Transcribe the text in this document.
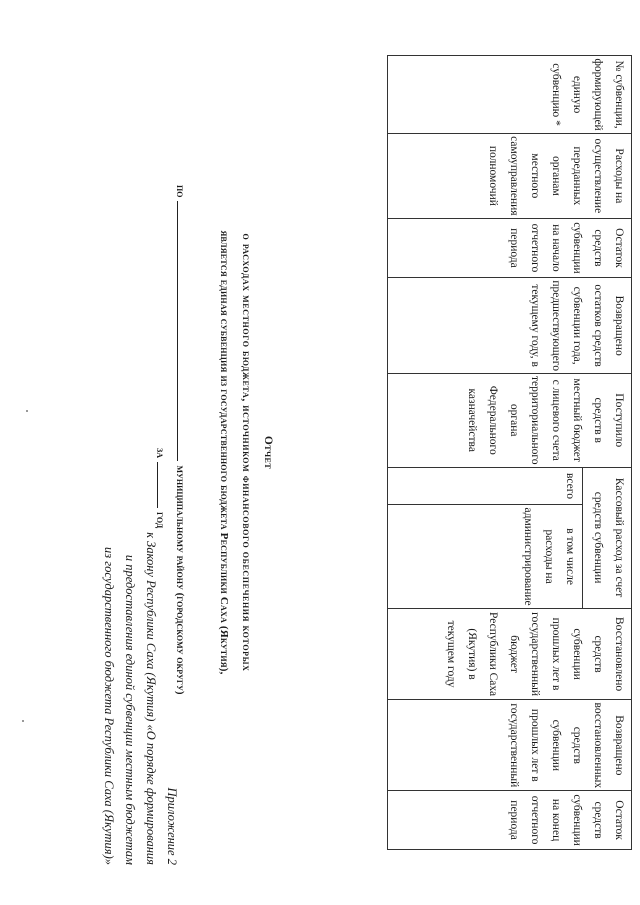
Приложение 2
к Закону Республики Саха (Якутия) «О порядке формирования
и предоставления единой субвенции местным бюджетам
из государственного бюджета Республики Саха (Якутия)»
Отчет
о расходах местного бюджета, источником финансового обеспечения которых
является единая субвенция из государственного бюджета Республики Саха (Якутия),
помуниципальному району (городскому округу)
загод
№ субвенции, формирующей единую субвенцию *	Расходы на осуществление переданных органам местного самоуправления полномочий	Остаток средств субвенции на начало отчетного периода	Возвращено остатков средств субвенции года, предшествующего текущему году, в	Поступило средств в местный бюджет с лицевого счета территориального органа Федерального казначейства	Кассовый расход за счет средств субвенции		Восстановлено средств субвенции прошлых лет в государственный бюджет Республики Саха (Якутия) в текущем году	Возвращено восстановленных средств субвенции прошлых лет в государственный	Остаток средств субвенции на конец отчетного периода
					всего	в том числе расходы на администрирование			
